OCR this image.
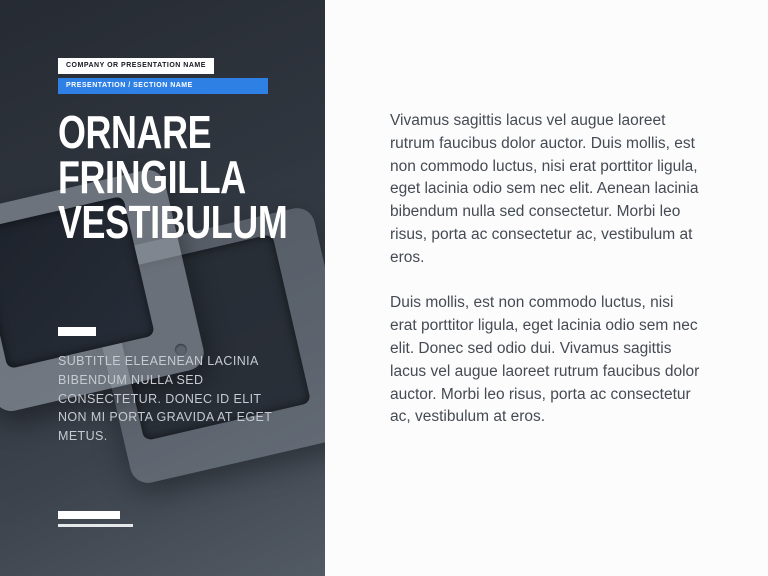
COMPANY OR PRESENTATION NAME
PRESENTATION / SECTION NAME
ORNARE
FRINGILLA
VESTIBULUM

SUBTITLE ELEAENEAN LACINIA BIBENDUM NULLA SED CONSECTETUR. DONEC ID ELIT NON MI PORTA GRAVIDA AT EGET METUS.

Vivamus sagittis lacus vel augue laoreet rutrum faucibus dolor auctor. Duis mollis, est non commodo luctus, nisi erat porttitor ligula, eget lacinia odio sem nec elit. Aenean lacinia bibendum nulla sed consectetur. Morbi leo risus, porta ac consectetur ac, vestibulum at eros.

Duis mollis, est non commodo luctus, nisi erat porttitor ligula, eget lacinia odio sem nec elit. Donec sed odio dui. Vivamus sagittis lacus vel augue laoreet rutrum faucibus dolor auctor. Morbi leo risus, porta ac consectetur ac, vestibulum at eros.
